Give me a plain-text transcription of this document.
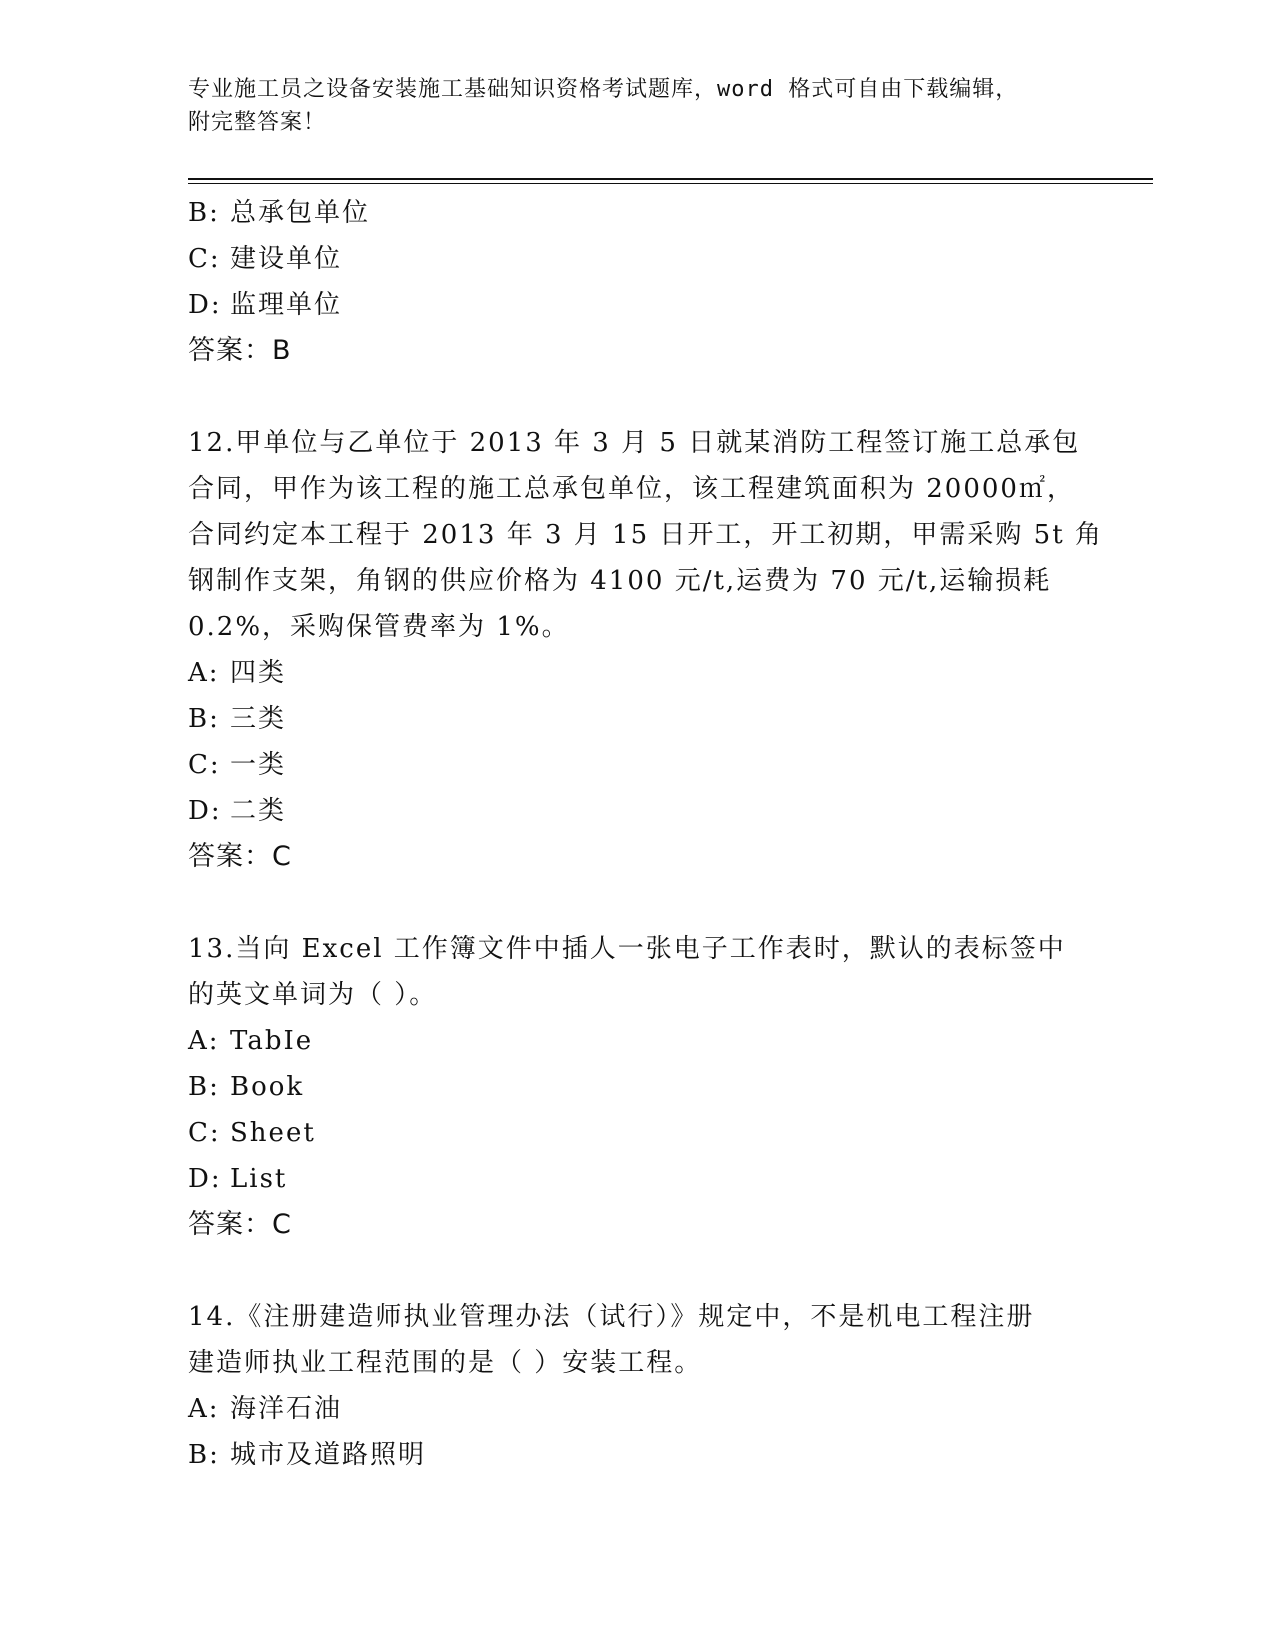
专业施工员之设备安装施工基础知识资格考试题库，word 格式可自由下载编辑，
附完整答案！
B: 总承包单位
C: 建设单位
D: 监理单位
答案：B
12.甲单位与乙单位于 2013 年 3 月 5 日就某消防工程签订施工总承包
合同，甲作为该工程的施工总承包单位，该工程建筑面积为 20000㎡，
合同约定本工程于 2013 年 3 月 15 日开工，开工初期，甲需采购 5t 角
钢制作支架，角钢的供应价格为 4100 元/t,运费为 70 元/t,运输损耗
0.2%，采购保管费率为 1%。
A: 四类
B: 三类
C: 一类
D: 二类
答案：C
13.当向 Excel 工作簿文件中插人一张电子工作表时，默认的表标签中
的英文单词为（ ）。
A: TabIe
B: Book
C: Sheet
D: List
答案：C
14.《注册建造师执业管理办法（试行）》规定中，不是机电工程注册
建造师执业工程范围的是（ ）安装工程。
A: 海洋石油
B: 城市及道路照明
